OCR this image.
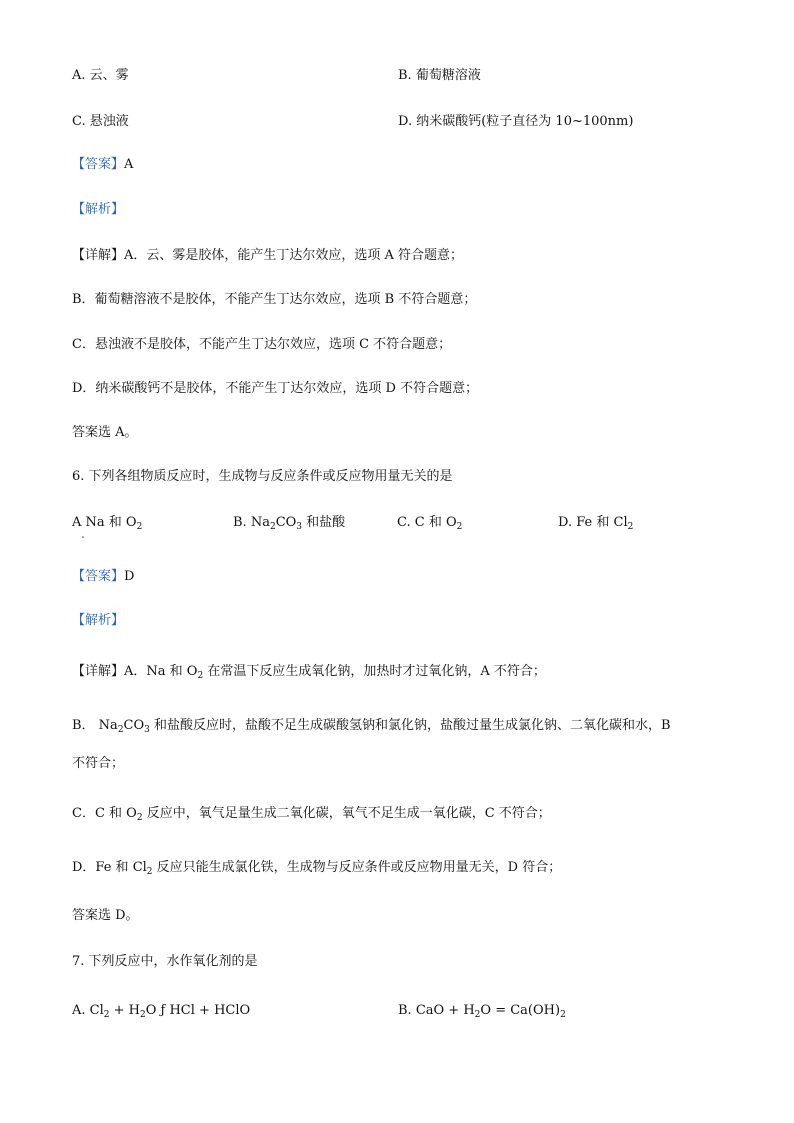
A. 云、雾	B. 葡萄糖溶液
C. 悬浊液	D. 纳米碳酸钙(粒子直径为 10~100nm)
【答案】A
【解析】
【详解】A．云、雾是胶体，能产生丁达尔效应，选项 A 符合题意；
B．葡萄糖溶液不是胶体，不能产生丁达尔效应，选项 B 不符合题意；
C．悬浊液不是胶体，不能产生丁达尔效应，选项 C 不符合题意；
D．纳米碳酸钙不是胶体，不能产生丁达尔效应，选项 D 不符合题意；
答案选 A。
6. 下列各组物质反应时，生成物与反应条件或反应物用量无关的是
A Na 和 $O_2$	B. $Na_2CO_3$ 和盐酸	C. C 和 $O_2$	D. Fe 和 $Cl_2$
【答案】D
【解析】
【详解】A．Na 和 $O_2$ 在常温下反应生成氧化钠，加热时才过氧化钠，A 不符合；
B． $Na_2CO_3$ 和盐酸反应时，盐酸不足生成碳酸氢钠和氯化钠，盐酸过量生成氯化钠、二氧化碳和水，B
不符合；
C．C 和 $O_2$ 反应中，氧气足量生成二氧化碳，氧气不足生成一氧化碳，C 不符合；
D．Fe 和 $Cl_2$ 反应只能生成氯化铁，生成物与反应条件或反应物用量无关，D 符合；
答案选 D。
7. 下列反应中，水作氧化剂的是
A. $Cl_2 + H_2O$ ƒ HCl + HClO	B. CaO + $H_2O = Ca(OH)_2$
